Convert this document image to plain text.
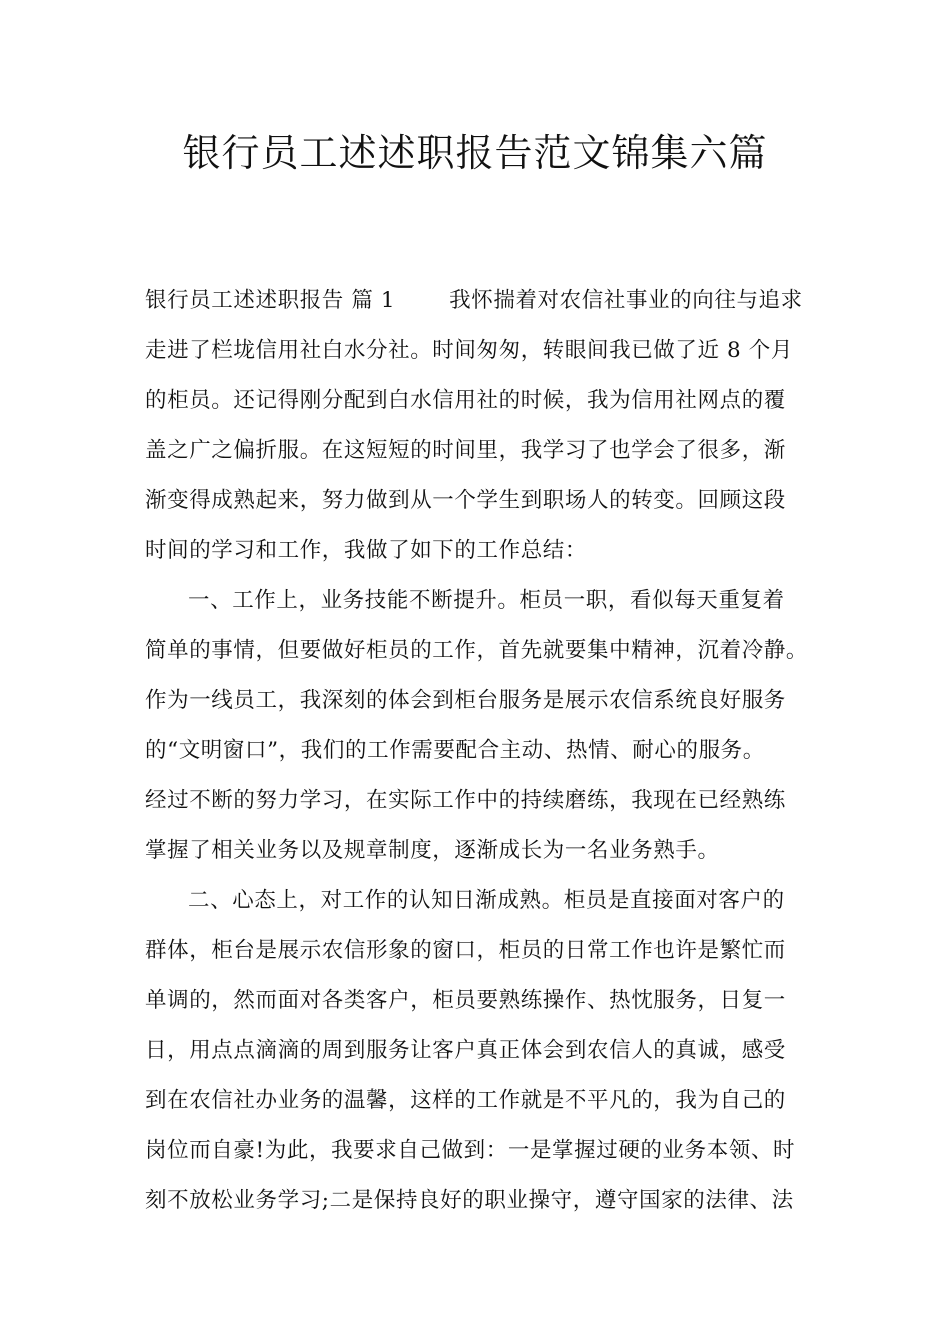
银行员工述述职报告范文锦集六篇
银行员工述述职报告 篇 1	我怀揣着对农信社事业的向往与追求
走进了栏垅信用社白水分社。时间匆匆，转眼间我已做了近 8 个月
的柜员。还记得刚分配到白水信用社的时候，我为信用社网点的覆
盖之广之偏折服。在这短短的时间里，我学习了也学会了很多，渐
渐变得成熟起来，努力做到从一个学生到职场人的转变。回顾这段
时间的学习和工作，我做了如下的工作总结：
一、工作上，业务技能不断提升。柜员一职，看似每天重复着
简单的事情，但要做好柜员的工作，首先就要集中精神，沉着冷静。
作为一线员工，我深刻的体会到柜台服务是展示农信系统良好服务
的“文明窗口”，我们的工作需要配合主动、热情、耐心的服务。
经过不断的努力学习，在实际工作中的持续磨练，我现在已经熟练
掌握了相关业务以及规章制度，逐渐成长为一名业务熟手。
二、心态上，对工作的认知日渐成熟。柜员是直接面对客户的
群体，柜台是展示农信形象的窗口，柜员的日常工作也许是繁忙而
单调的，然而面对各类客户，柜员要熟练操作、热忱服务，日复一
日，用点点滴滴的周到服务让客户真正体会到农信人的真诚，感受
到在农信社办业务的温馨，这样的工作就是不平凡的，我为自己的
岗位而自豪!为此，我要求自己做到：一是掌握过硬的业务本领、时
刻不放松业务学习;二是保持良好的职业操守，遵守国家的法律、法
